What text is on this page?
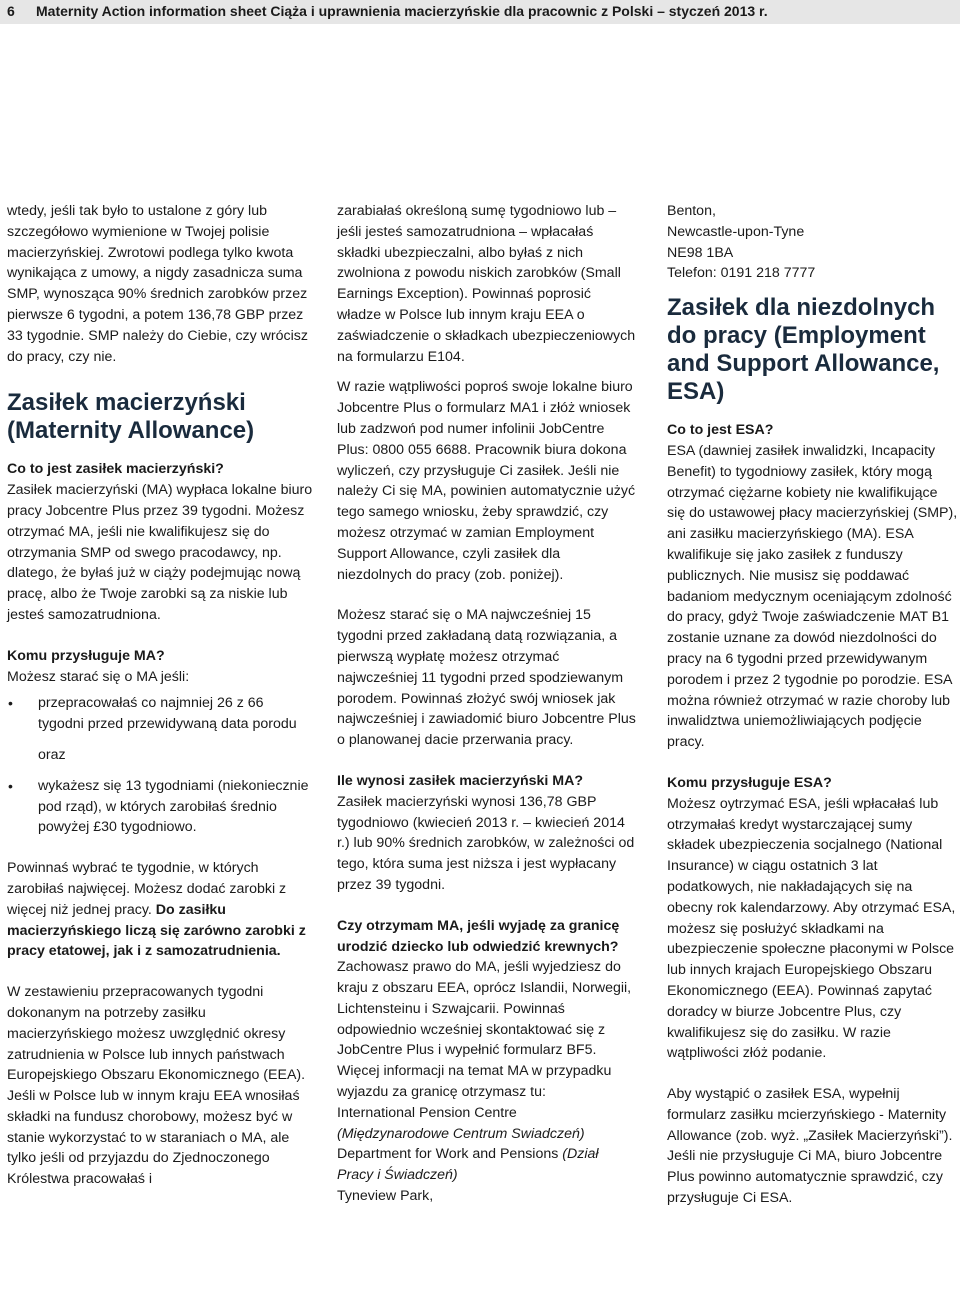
6 Maternity Action information sheet Ciąża i uprawnienia macierzyńskie dla pracownic z Polski – styczeń 2013 r.

wtedy, jeśli tak było to ustalone z góry lub szczegółowo wymienione w Twojej polisie macierzyńskiej. Zwrotowi podlega tylko kwota wynikająca z umowy, a nigdy zasadnicza suma SMP, wynosząca 90% średnich zarobków przez pierwsze 6 tygodni, a potem 136,78 GBP przez 33 tygodnie. SMP należy do Ciebie, czy wrócisz do pracy, czy nie.

Zasiłek macierzyński (Maternity Allowance)

Co to jest zasiłek macierzyński?

Zasiłek macierzyński (MA) wypłaca lokalne biuro pracy Jobcentre Plus przez 39 tygodni. Możesz otrzymać MA, jeśli nie kwalifikujesz się do otrzymania SMP od swego pracodawcy, np. dlatego, że byłaś już w ciąży podejmując nową pracę, albo że Twoje zarobki są za niskie lub jesteś samozatrudniona.

Komu przysługuje MA?

Możesz starać się o MA jeśli:

• przepracowałaś co najmniej 26 z 66 tygodni przed przewidywaną data porodu

oraz

• wykażesz się 13 tygodniami (niekoniecznie pod rząd), w których zarobiłaś średnio powyżej £30 tygodniowo.

Powinnaś wybrać te tygodnie, w których zarobiłaś najwięcej. Możesz dodać zarobki z więcej niż jednej pracy. Do zasiłku macierzyńskiego liczą się zarówno zarobki z pracy etatowej, jak i z samozatrudnienia.

W zestawieniu przepracowanych tygodni dokonanym na potrzeby zasiłku macierzyńskiego możesz uwzględnić okresy zatrudnienia w Polsce lub innych państwach Europejskiego Obszaru Ekonomicznego (EEA). Jeśli w Polsce lub w innym kraju EEA wnosiłaś składki na fundusz chorobowy, możesz być w stanie wykorzystać to w staraniach o MA, ale tylko jeśli od przyjazdu do Zjednoczonego Królestwa pracowałaś i

zarabiałaś określoną sumę tygodniowo lub – jeśli jesteś samozatrudniona – wpłacałaś składki ubezpieczalni, albo byłaś z nich zwolniona z powodu niskich zarobków (Small Earnings Exception). Powinnaś poprosić władze w Polsce lub innym kraju EEA o zaświadczenie o składkach ubezpieczeniowych na formularzu E104.

W razie wątpliwości poproś swoje lokalne biuro Jobcentre Plus o formularz MA1 i złóż wniosek lub zadzwoń pod numer infolinii JobCentre Plus: 0800 055 6688. Pracownik biura dokona wyliczeń, czy przysługuje Ci zasiłek. Jeśli nie należy Ci się MA, powinien automatycznie użyć tego samego wniosku, żeby sprawdzić, czy możesz otrzymać w zamian Employment Support Allowance, czyli zasiłek dla niezdolnych do pracy (zob. poniżej).

Możesz starać się o MA najwcześniej 15 tygodni przed zakładaną datą rozwiązania, a pierwszą wypłatę możesz otrzymać najwcześniej 11 tygodni przed spodziewanym porodem. Powinnaś złożyć swój wniosek jak najwcześniej i zawiadomić biuro Jobcentre Plus o planowanej dacie przerwania pracy.

Ile wynosi zasiłek macierzyński MA?

Zasiłek macierzyński wynosi 136,78 GBP tygodniowo (kwiecień 2013 r. – kwiecień 2014 r.) lub 90% średnich zarobków, w zależności od tego, która suma jest niższa i jest wypłacany przez 39 tygodni.

Czy otrzymam MA, jeśli wyjadę za granicę urodzić dziecko lub odwiedzić krewnych?

Zachowasz prawo do MA, jeśli wyjedziesz do kraju z obszaru EEA, oprócz Islandii, Norwegii, Lichtensteinu i Szwajcarii. Powinnaś odpowiednio wcześniej skontaktować się z JobCentre Plus i wypełnić formularz BF5.

Więcej informacji na temat MA w przypadku wyjazdu za granicę otrzymasz tu:

International Pension Centre

(Międzynarodowe Centrum Swiadczeń)

Department for Work and Pensions (Dział Pracy i Świadczeń)

Tyneview Park,

Benton,

Newcastle-upon-Tyne

NE98 1BA

Telefon: 0191 218 7777

Zasiłek dla niezdolnych do pracy (Employment and Support Allowance, ESA)

Co to jest ESA?

ESA (dawniej zasiłek inwalidzki, Incapacity Benefit) to tygodniowy zasiłek, który mogą otrzymać ciężarne kobiety nie kwalifikujące się do ustawowej płacy macierzyńskiej (SMP), ani zasiłku macierzyńskiego (MA). ESA kwalifikuje się jako zasiłek z funduszy publicznych. Nie musisz się poddawać badaniom medycznym oceniającym zdolność do pracy, gdyż Twoje zaświadczenie MAT B1 zostanie uznane za dowód niezdolności do pracy na 6 tygodni przed przewidywanym porodem i przez 2 tygodnie po porodzie. ESA można również otrzymać w razie choroby lub inwalidztwa uniemożliwiających podjęcie pracy.

Komu przysługuje ESA?

Możesz oytrzymać ESA, jeśli wpłacałaś lub otrzymałaś kredyt wystarczającej sumy składek ubezpieczenia socjalnego (National Insurance) w ciągu ostatnich 3 lat podatkowych, nie nakładających się na obecny rok kalendarzowy. Aby otrzymać ESA, możesz się posłużyć składkami na ubezpieczenie społeczne płaconymi w Polsce lub innych krajach Europejskiego Obszaru Ekonomicznego (EEA). Powinnaś zapytać doradcy w biurze Jobcentre Plus, czy kwalifikujesz się do zasiłku. W razie wątpliwości złóż podanie.

Aby wystąpić o zasiłek ESA, wypełnij formularz zasiłku mcierzyńskiego - Maternity Allowance (zob. wyż. „Zasiłek Macierzyński”). Jeśli nie przysługuje Ci MA, biuro Jobcentre Plus powinno automatycznie sprawdzić, czy przysługuje Ci ESA.
